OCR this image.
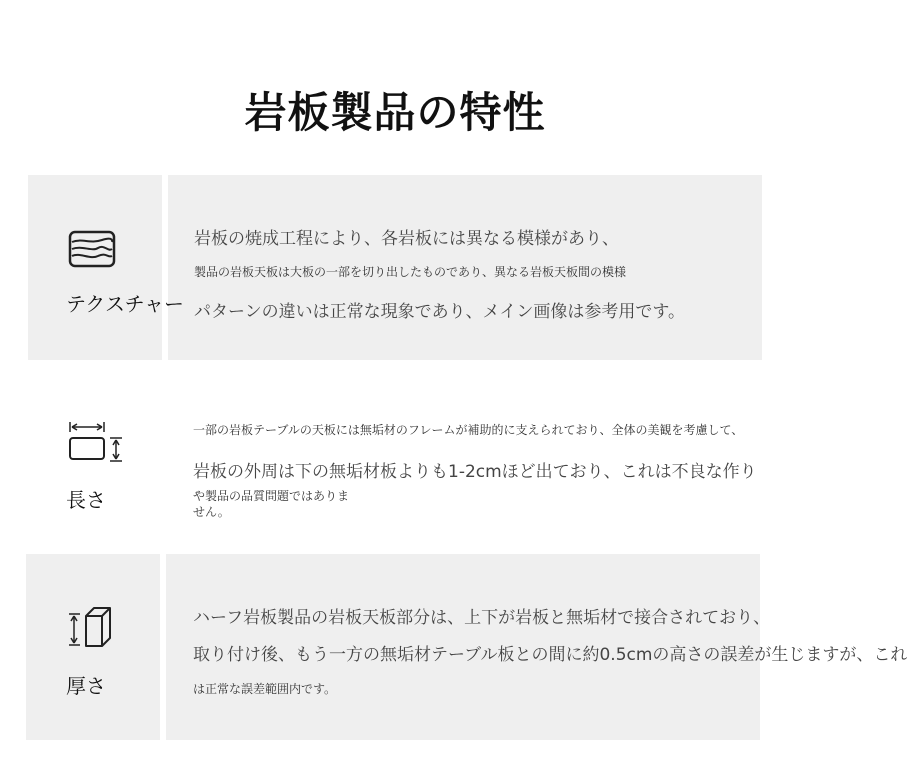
岩板製品の特性
テクスチャー
岩板の焼成工程により、各岩板には異なる模様があり、
製品の岩板天板は大板の一部を切り出したものであり、異なる岩板天板間の模様
パターンの違いは正常な現象であり、メイン画像は参考用です。
長さ
一部の岩板テーブルの天板には無垢材のフレームが補助的に支えられており、全体の美観を考慮して、
岩板の外周は下の無垢材板よりも1-2cmほど出ており、これは不良な作り
や製品の品質問題ではありま
せん。
厚さ
ハーフ岩板製品の岩板天板部分は、上下が岩板と無垢材で接合されており、
取り付け後、もう一方の無垢材テーブル板との間に約0.5cmの高さの誤差が生じますが、これ
は正常な誤差範囲内です。
